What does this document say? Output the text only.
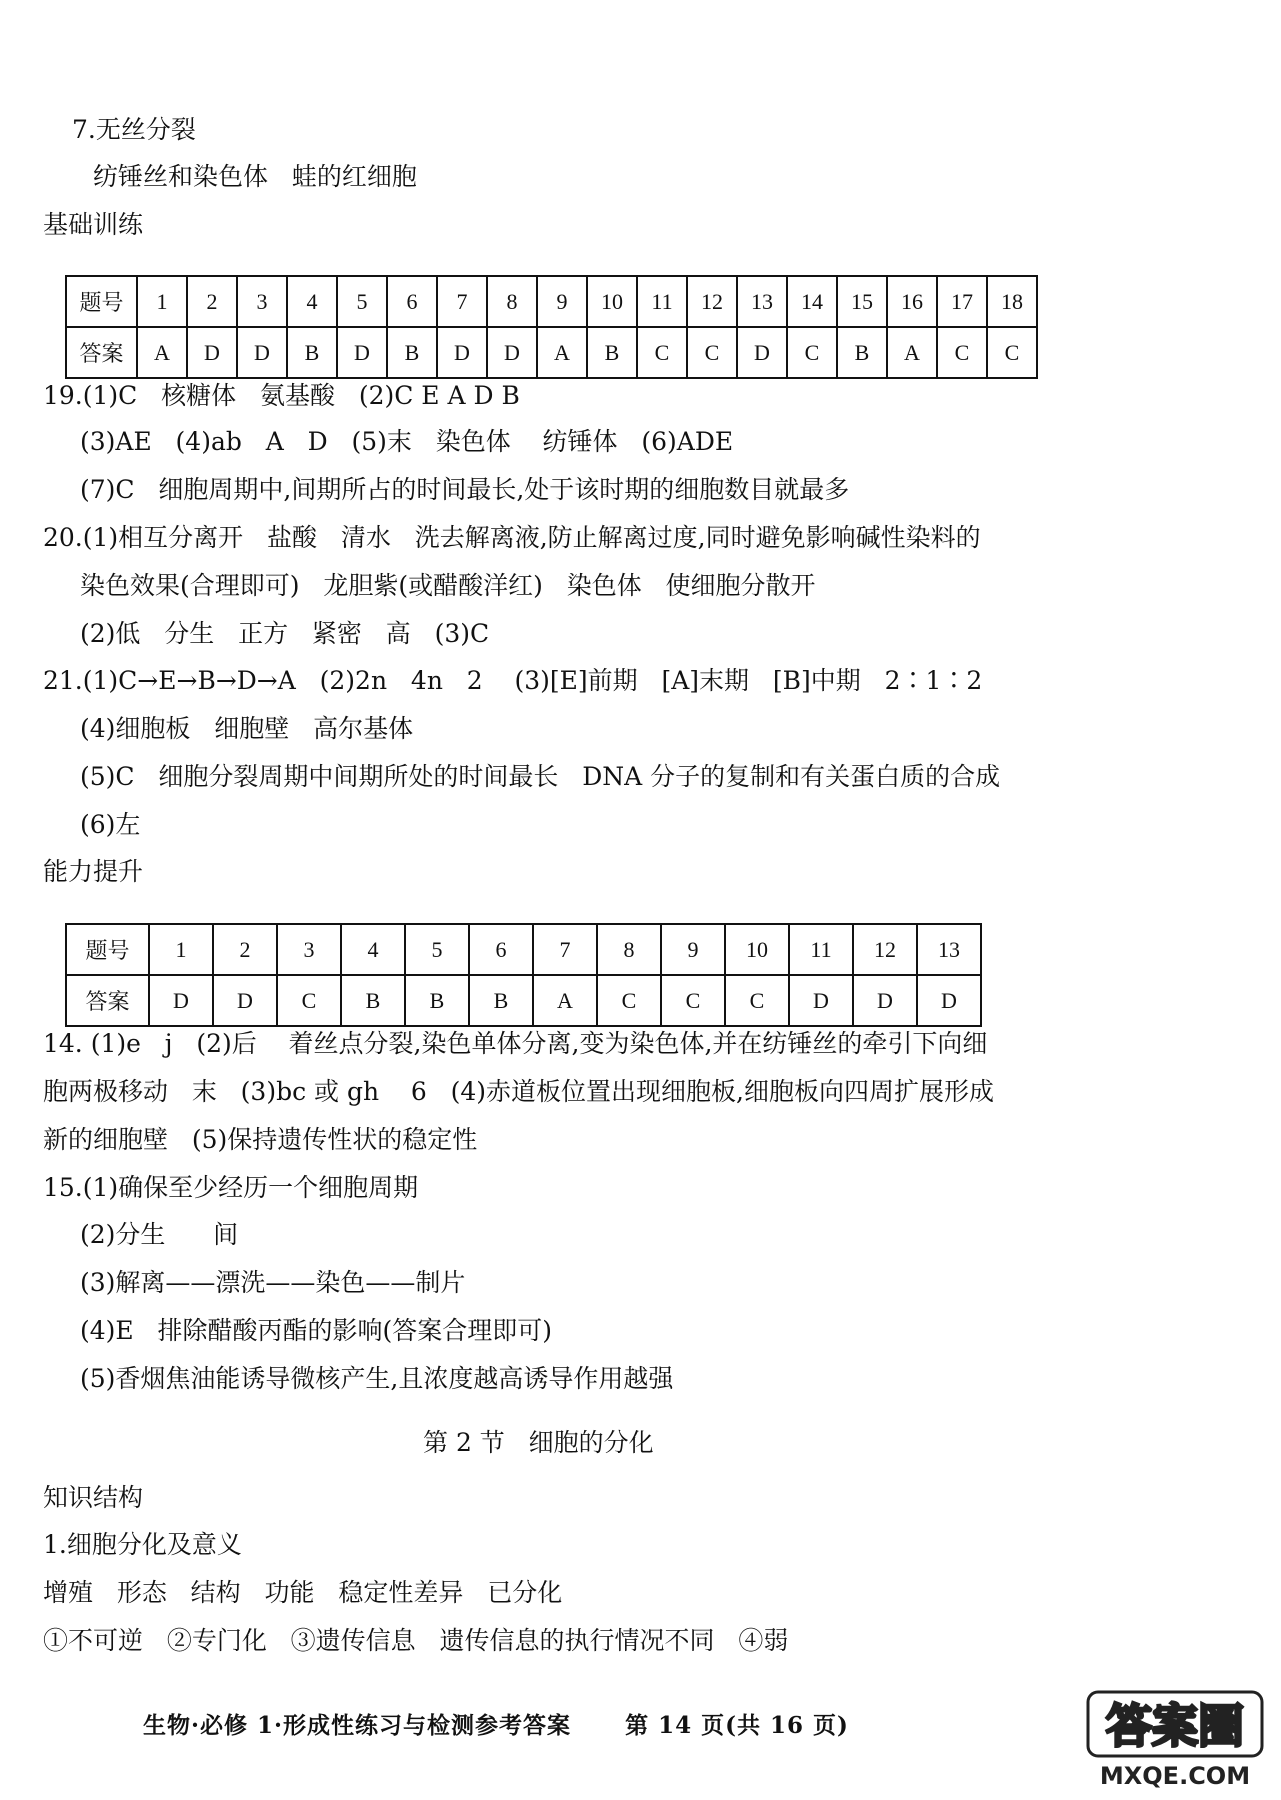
7.无丝分裂
纺锤丝和染色体   蛙的红细胞
基础训练
题号	1	2	3	4	5	6	7	8	9	10	11	12	13	14	15	16	17	18
答案	A	D	D	B	D	B	D	D	A	B	C	C	D	C	B	A	C	C
19.(1)C   核糖体   氨基酸   (2)C E A D B
(3)AE   (4)ab   A   D   (5)末   染色体    纺锤体   (6)ADE
(7)C   细胞周期中,间期所占的时间最长,处于该时期的细胞数目就最多
20.(1)相互分离开   盐酸   清水   洗去解离液,防止解离过度,同时避免影响碱性染料的
染色效果(合理即可)   龙胆紫(或醋酸洋红)   染色体   使细胞分散开
(2)低   分生   正方   紧密   高   (3)C
21.(1)C→E→B→D→A   (2)2n   4n   2    (3)[E]前期   [A]末期   [B]中期   2∶1∶2
(4)细胞板   细胞壁   高尔基体
(5)C   细胞分裂周期中间期所处的时间最长   DNA 分子的复制和有关蛋白质的合成
(6)左
能力提升
题号	1	2	3	4	5	6	7	8	9	10	11	12	13
答案	D	D	C	B	B	B	A	C	C	C	D	D	D
14. (1)e   j   (2)后    着丝点分裂,染色单体分离,变为染色体,并在纺锤丝的牵引下向细
胞两极移动   末   (3)bc 或 gh    6   (4)赤道板位置出现细胞板,细胞板向四周扩展形成
新的细胞壁   (5)保持遗传性状的稳定性
15.(1)确保至少经历一个细胞周期
(2)分生      间
(3)解离——漂洗——染色——制片
(4)E   排除醋酸丙酯的影响(答案合理即可)
(5)香烟焦油能诱导微核产生,且浓度越高诱导作用越强
第 2 节   细胞的分化
知识结构
1.细胞分化及意义
增殖   形态   结构   功能   稳定性差异   已分化
①不可逆   ②专门化   ③遗传信息   遗传信息的执行情况不同   ④弱
生物·必修 1·形成性练习与检测参考答案      第 14 页(共 16 页)	答案圈
MXQE.COM
